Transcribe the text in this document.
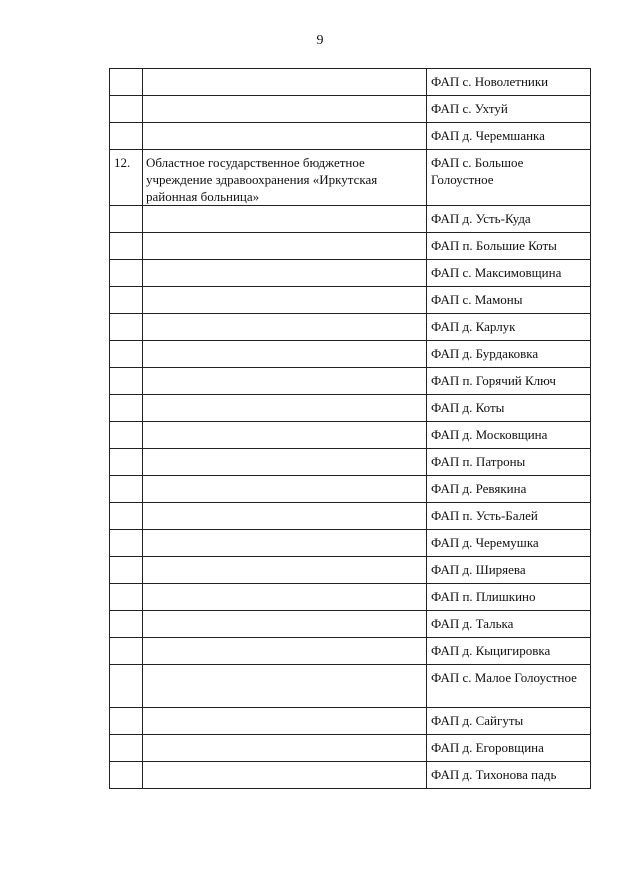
9
		ФАП с. Новолетники
		ФАП с. Ухтуй
		ФАП д. Черемшанка
12.	Областное государственное бюджетное учреждение здравоохранения «Иркутская районная больница»	ФАП с. Большое Голоустное
		ФАП д. Усть-Куда
		ФАП п. Большие Коты
		ФАП с. Максимовщина
		ФАП с. Мамоны
		ФАП д. Карлук
		ФАП д. Бурдаковка
		ФАП п. Горячий Ключ
		ФАП д. Коты
		ФАП д. Московщина
		ФАП п. Патроны
		ФАП д. Ревякина
		ФАП п. Усть-Балей
		ФАП д. Черемушка
		ФАП д. Ширяева
		ФАП п. Плишкино
		ФАП д. Талька
		ФАП д. Кыцигировка
		ФАП с. Малое Голоустное
		ФАП д. Сайгуты
		ФАП д. Егоровщина
		ФАП д. Тихонова падь
